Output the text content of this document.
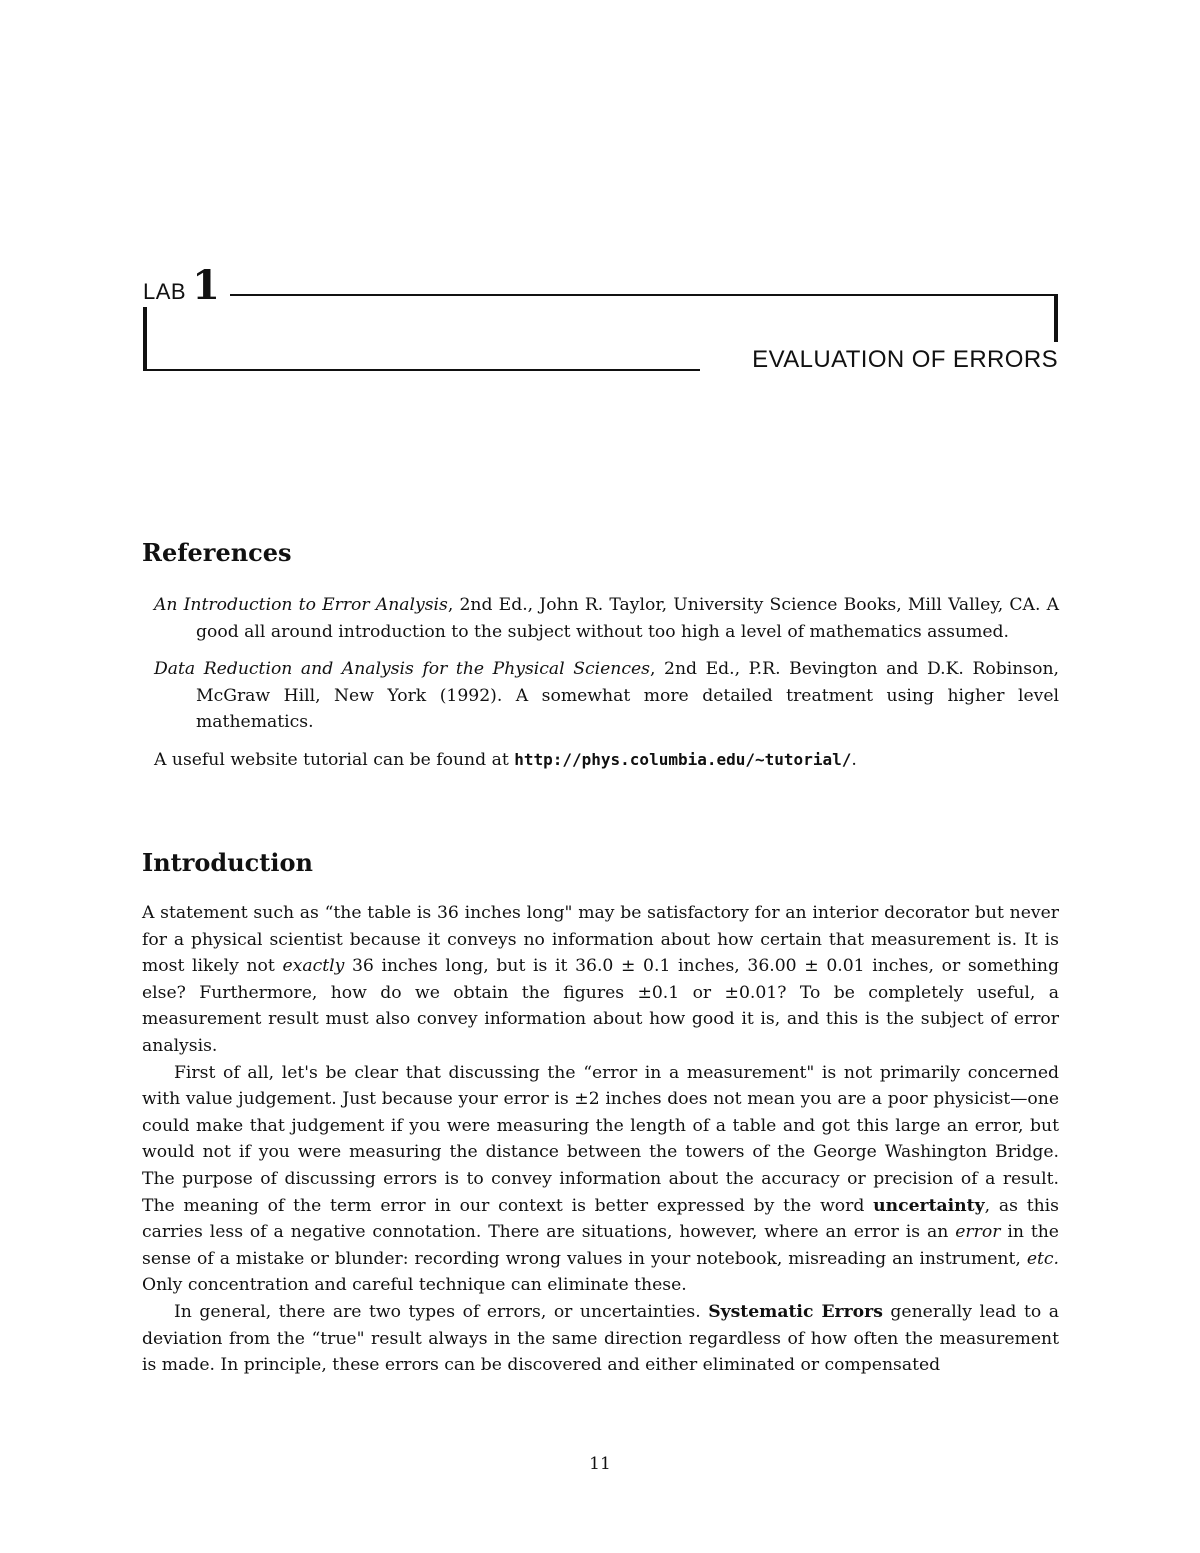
LAB 1
EVALUATION OF ERRORS
References

An Introduction to Error Analysis, 2nd Ed., John R. Taylor, University Science Books, Mill Valley, CA. A good all around introduction to the subject without too high a level of mathematics assumed.

Data Reduction and Analysis for the Physical Sciences, 2nd Ed., P.R. Bevington and D.K. Robinson, McGraw Hill, New York (1992). A somewhat more detailed treatment using higher level mathematics.

A useful website tutorial can be found at http://phys.columbia.edu/~tutorial/.

Introduction

A statement such as “the table is 36 inches long" may be satisfactory for an interior decorator but never for a physical scientist because it conveys no information about how certain that measurement is. It is most likely not exactly 36 inches long, but is it 36.0 ± 0.1 inches, 36.00 ± 0.01 inches, or something else? Furthermore, how do we obtain the figures ±0.1 or ±0.01? To be completely useful, a measurement result must also convey information about how good it is, and this is the subject of error analysis.

First of all, let's be clear that discussing the “error in a measurement" is not primarily concerned with value judgement. Just because your error is ±2 inches does not mean you are a poor physicist—one could make that judgement if you were measuring the length of a table and got this large an error, but would not if you were measuring the distance between the towers of the George Washington Bridge. The purpose of discussing errors is to convey information about the accuracy or precision of a result. The meaning of the term error in our context is better expressed by the word uncertainty, as this carries less of a negative connotation. There are situations, however, where an error is an error in the sense of a mistake or blunder: recording wrong values in your notebook, misreading an instrument, etc. Only concentration and careful technique can eliminate these.

In general, there are two types of errors, or uncertainties. Systematic Errors generally lead to a deviation from the “true" result always in the same direction regardless of how often the measurement is made. In principle, these errors can be discovered and either eliminated or compensated

11
